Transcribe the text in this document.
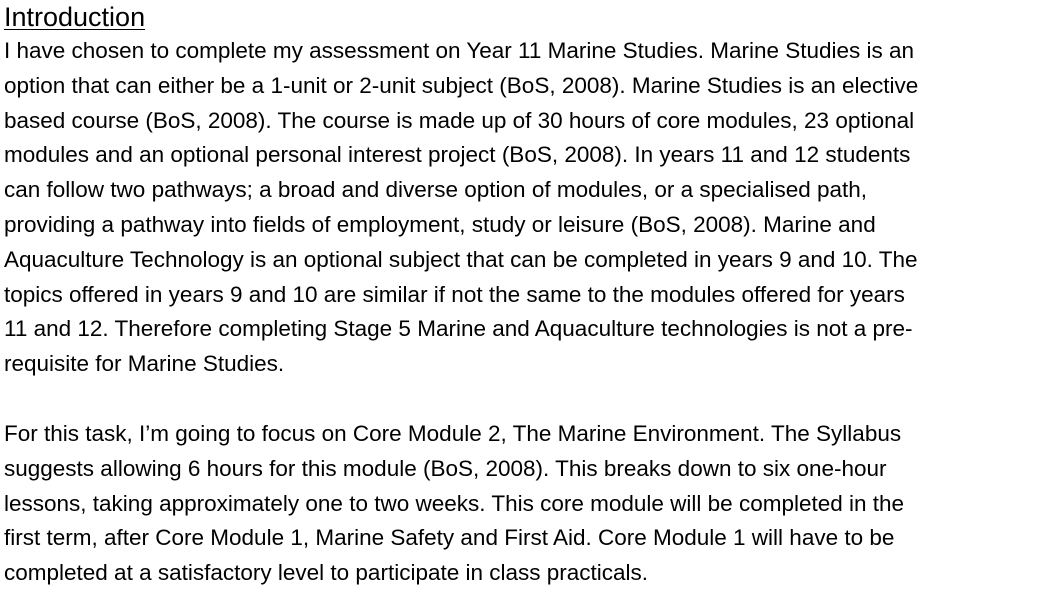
Introduction

I have chosen to complete my assessment on Year 11 Marine Studies. Marine Studies is an
option that can either be a 1-unit or 2-unit subject (BoS, 2008). Marine Studies is an elective
based course (BoS, 2008). The course is made up of 30 hours of core modules, 23 optional
modules and an optional personal interest project (BoS, 2008). In years 11 and 12 students
can follow two pathways; a broad and diverse option of modules, or a specialised path,
providing a pathway into fields of employment, study or leisure (BoS, 2008). Marine and
Aquaculture Technology is an optional subject that can be completed in years 9 and 10. The
topics offered in years 9 and 10 are similar if not the same to the modules offered for years
11 and 12. Therefore completing Stage 5 Marine and Aquaculture technologies is not a pre-
requisite for Marine Studies.

For this task, I’m going to focus on Core Module 2, The Marine Environment. The Syllabus
suggests allowing 6 hours for this module (BoS, 2008). This breaks down to six one-hour
lessons, taking approximately one to two weeks. This core module will be completed in the
first term, after Core Module 1, Marine Safety and First Aid. Core Module 1 will have to be
completed at a satisfactory level to participate in class practicals.
